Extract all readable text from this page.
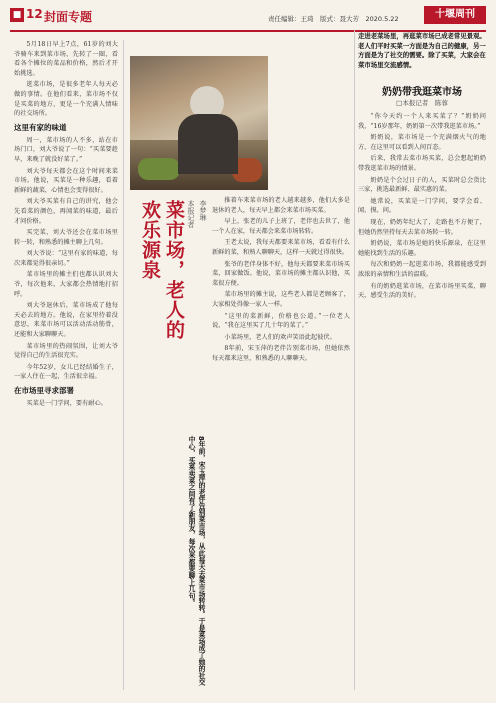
■ 12 封面专题	责任编辑：王琦　版式：聂大芳　2020.5.22	十堰周刊

5月18日早上7点，61岁的刘大爷骑车来到菜市场，先转了一圈，看看各个摊位的菜品和价格，然后才开始挑选。

逛菜市场，是很多老年人每天必做的事情。在他们看来，菜市场不仅是买菜的地方，更是一个充满人情味的社交场所。

这里有家的味道

周一，菜市场的人不多，站在市场门口，刘大爷说了一句：“买菜要趁早，来晚了就没好菜了。”

刘大爷每天都会在这个时间来菜市场。他说，买菜是一种乐趣，看着新鲜的蔬菜，心情也会变得很好。

刘大爷买菜有自己的讲究，他会先看菜的颜色，再闻菜的味道，最后才问价格。

买完菜，刘大爷还会在菜市场里转一转，和熟悉的摊主聊上几句。

刘大爷说：“这里有家的味道，每次来都觉得很亲切。”

菜市场里的摊主们也都认识刘大爷，每次他来，大家都会热情地打招呼。

刘大爷退休后，菜市场成了他每天必去的地方。他说，在家里待着没意思，来菜市场可以活动活动筋骨，还能和大家聊聊天。

菜市场里的热闹氛围，让刘大爷觉得自己的生活很充实。

今年52岁，女儿已经结婚生子，一家人住在一起，生活很幸福。

在市场里寻求部署

买菜是一门学问，要有耐心。

菜市场，老人的欢乐源泉	本报记者 李梦琳
8年前，宋玉萍的老伴告别菜市场，从此每天去菜市场转转。于是菜场成了她的社交中心，买菜卖菜之间有了新朋友，每次来都要聊上几句。

推着车来菜市场的老人越来越多，他们大多是退休的老人，每天早上都会来菜市场买菜。

早上，张老的儿子上班了，老伴也去世了，他一个人在家，每天都会来菜市场转转。

王老太说，我每天都要来菜市场，看看有什么新鲜的菜，和熟人聊聊天，这样一天就过得很快。

张爷的老伴身体不好，他每天都要来菜市场买菜，回家做饭。他说，菜市场的摊主都认识他，买菜很方便。

菜市场里的摊主说，这些老人都是老顾客了，大家相处得像一家人一样。

“这里的菜新鲜，价格也公道。”一位老人说，“我在这里买了几十年的菜了。”

小菜场里，老人们的欢声笑语此起彼伏。

8年前，宋玉萍的老伴告别菜市场，但她依然每天都来这里，和熟悉的人聊聊天。

走进老菜场里，再逛菜市场已成老常见景观。老人们平时买菜一方面是为自己的健康，另一方面是为了社交的需要。除了买菜，大家会在菜市场里交流感情。
奶奶带我逛菜市场
□本报记者　陈蓉

“你今天约一个人来买菜了？”奶奶问我，“16岁那年，奶奶第一次带我逛菜市场。”

奶奶说，菜市场是一个充满烟火气的地方，在这里可以看到人间百态。

后来，我常去菜市场买菜，总会想起奶奶带我逛菜市场的情景。

奶奶是个会过日子的人，买菜时总会货比三家，挑选最新鲜、最实惠的菜。

她常说，买菜是一门学问，要学会看、闻、摸、问。

现在，奶奶年纪大了，走路也不方便了，但她仍然坚持每天去菜市场转一转。

奶奶说，菜市场是她的快乐源泉，在这里她能找到生活的乐趣。

每次和奶奶一起逛菜市场，我都能感受到浓浓的亲情和生活的温暖。

有的奶奶逛菜市场，在菜市场里买菜、聊天，感受生活的美好。
